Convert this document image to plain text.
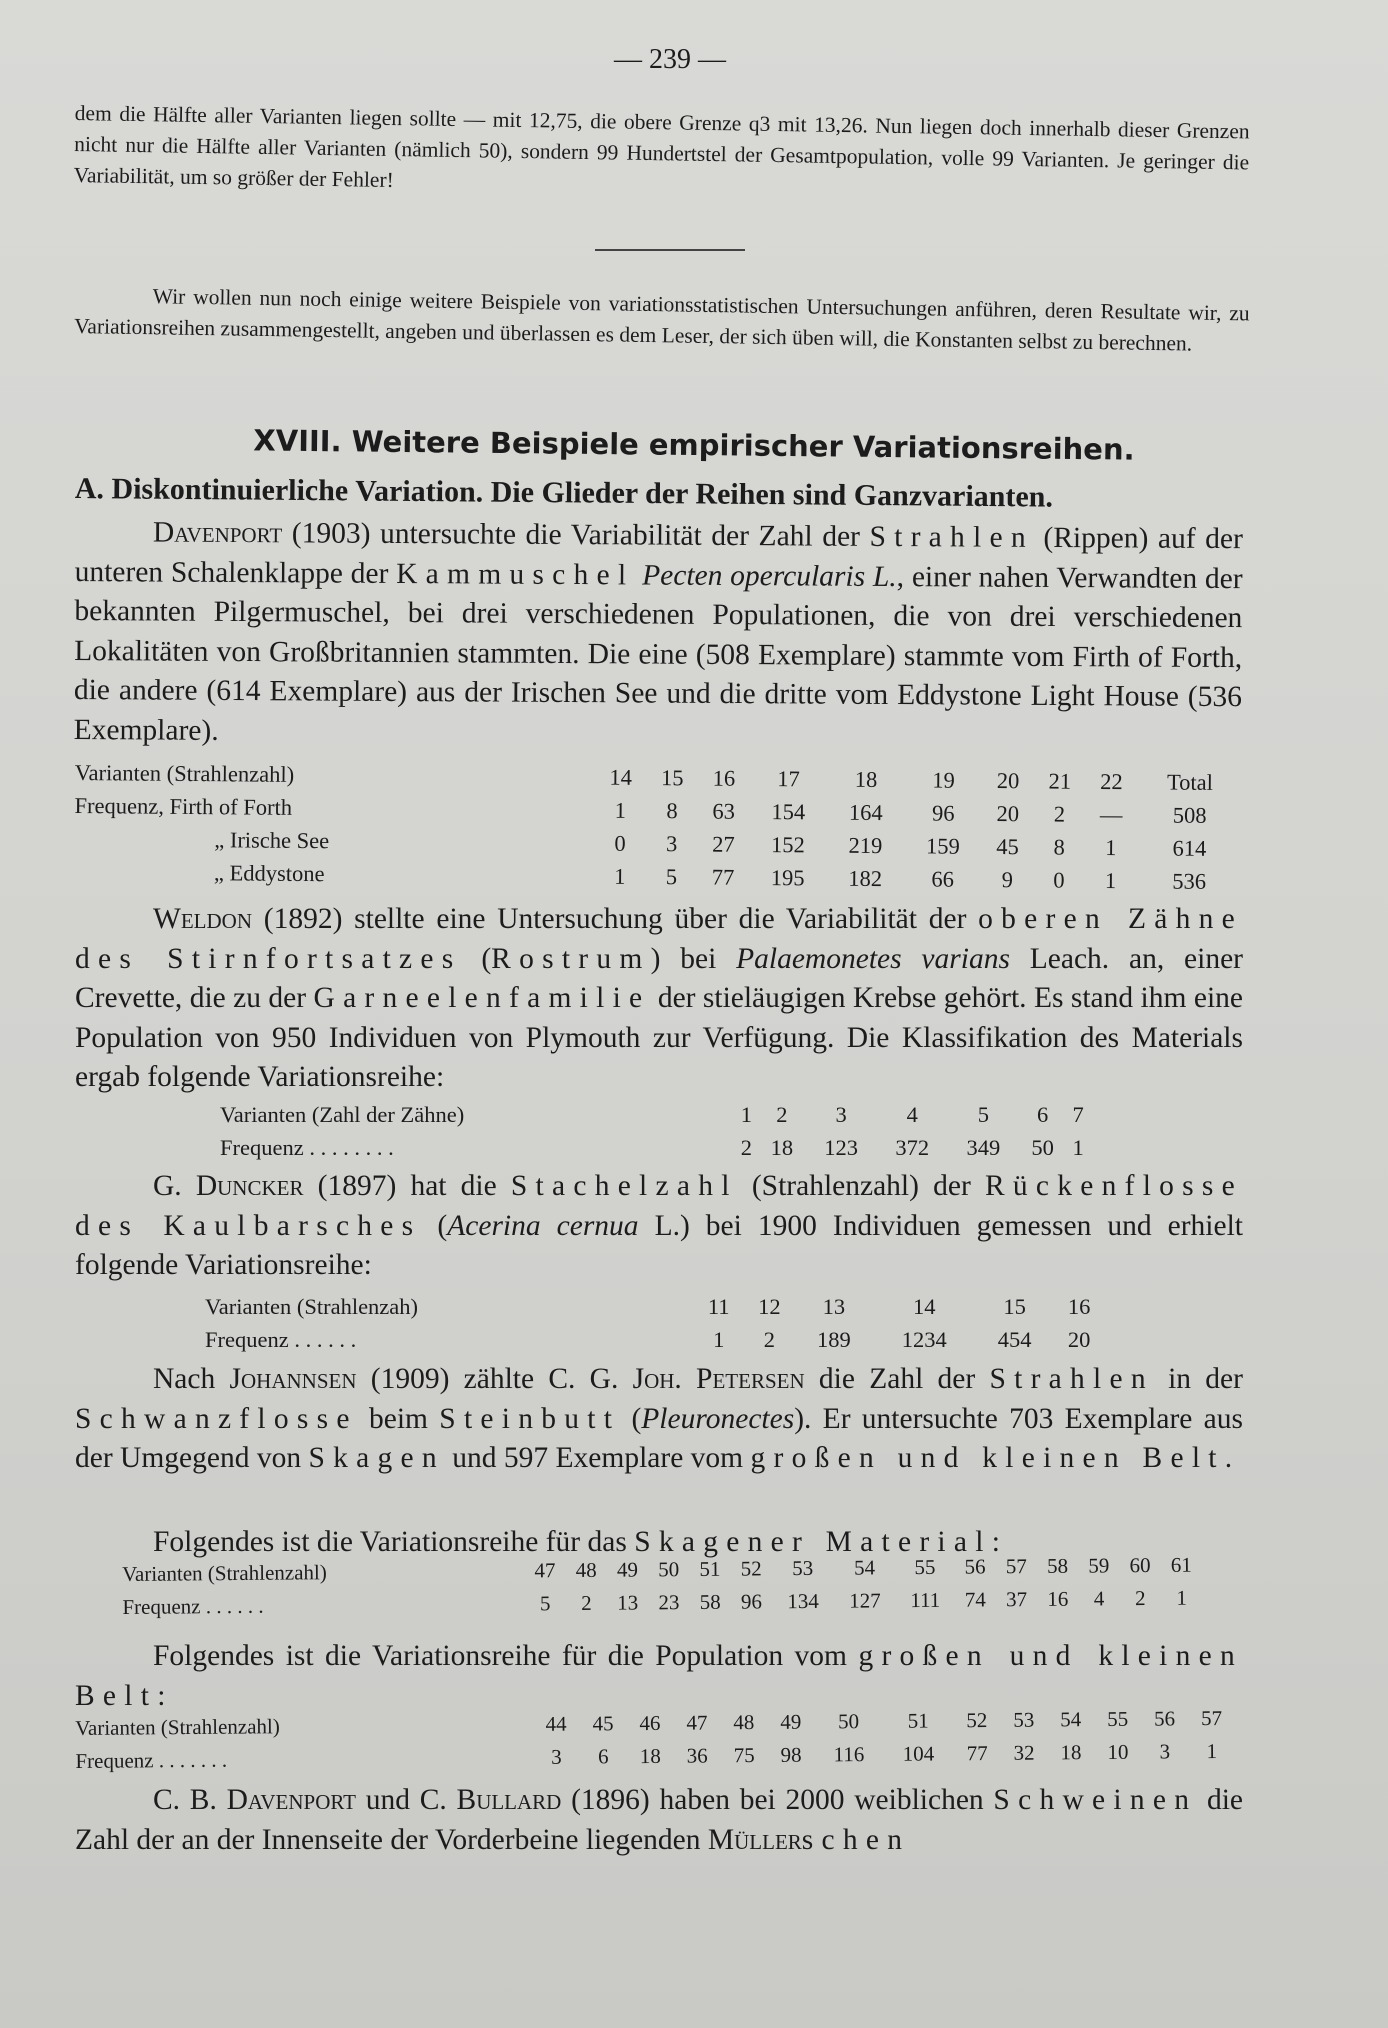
— 239 —
dem die Hälfte aller Varianten liegen sollte — mit 12,75, die obere Grenze q3 mit 13,26. Nun liegen doch innerhalb dieser Grenzen nicht nur die Hälfte aller Varianten (nämlich 50), sondern 99 Hundertstel der Gesamtpopulation, volle 99 Varianten. Je geringer die Variabilität, um so größer der Fehler!
Wir wollen nun noch einige weitere Beispiele von variationsstatistischen Untersuchungen anführen, deren Resultate wir, zu Variationsreihen zusammengestellt, angeben und überlassen es dem Leser, der sich üben will, die Konstanten selbst zu berechnen.
XVIII. Weitere Beispiele empirischer Variationsreihen.
A. Diskontinuierliche Variation. Die Glieder der Reihen sind Ganzvarianten.
Davenport (1903) untersuchte die Variabilität der Zahl der Strahlen (Rippen) auf der unteren Schalenklappe der Kammuschel Pecten opercularis L., einer nahen Verwandten der bekannten Pilgermuschel, bei drei verschiedenen Populationen, die von drei verschiedenen Lokalitäten von Großbritannien stammten. Die eine (508 Exemplare) stammte vom Firth of Forth, die andere (614 Exemplare) aus der Irischen See und die dritte vom Eddystone Light House (536 Exemplare).
Varianten (Strahlenzahl)	14	15	16	17	18	19	20	21	22	Total
Frequenz, Firth of Forth	1	8	63	154	164	96	20	2	—	508
„ Irische See	0	3	27	152	219	159	45	8	1	614
„ Eddystone	1	5	77	195	182	66	9	0	1	536
Weldon (1892) stellte eine Untersuchung über die Variabilität der oberen Zähne des Stirnfortsatzes (Rostrum) bei Palaemonetes varians Leach. an, einer Crevette, die zu der Garneelenfamilie der stieläugigen Krebse gehört. Es stand ihm eine Population von 950 Individuen von Plymouth zur Verfügung. Die Klassifikation des Materials ergab folgende Variationsreihe:
Varianten (Zahl der Zähne)	1	2	3	4	5	6	7
Frequenz . . . . . . . .	2	18	123	372	349	50	1
G. Duncker (1897) hat die Stachelzahl (Strahlenzahl) der Rückenflosse des Kaulbarsches (Acerina cernua L.) bei 1900 Individuen gemessen und erhielt folgende Variationsreihe:
Varianten (Strahlenzah)	11	12	13	14	15	16
Frequenz . . . . . .	1	2	189	1234	454	20
Nach Johannsen (1909) zählte C. G. Joh. Petersen die Zahl der Strahlen in der Schwanzflosse beim Steinbutt (Pleuronectes). Er untersuchte 703 Exemplare aus der Umgegend von Skagen und 597 Exemplare vom großen und kleinen Belt.
Folgendes ist die Variationsreihe für das Skagener Material:
Varianten (Strahlenzahl)	47	48	49	50	51	52	53	54	55	56	57	58	59	60	61
Frequenz . . . . . .	5	2	13	23	58	96	134	127	111	74	37	16	4	2	1
Folgendes ist die Variationsreihe für die Population vom großen und kleinen Belt:
Varianten (Strahlenzahl)	44	45	46	47	48	49	50	51	52	53	54	55	56	57
Frequenz . . . . . . .	3	6	18	36	75	98	116	104	77	32	18	10	3	1
C. B. Davenport und C. Bullard (1896) haben bei 2000 weiblichen Schweinen die Zahl der an der Innenseite der Vorderbeine liegenden Müllerschen
